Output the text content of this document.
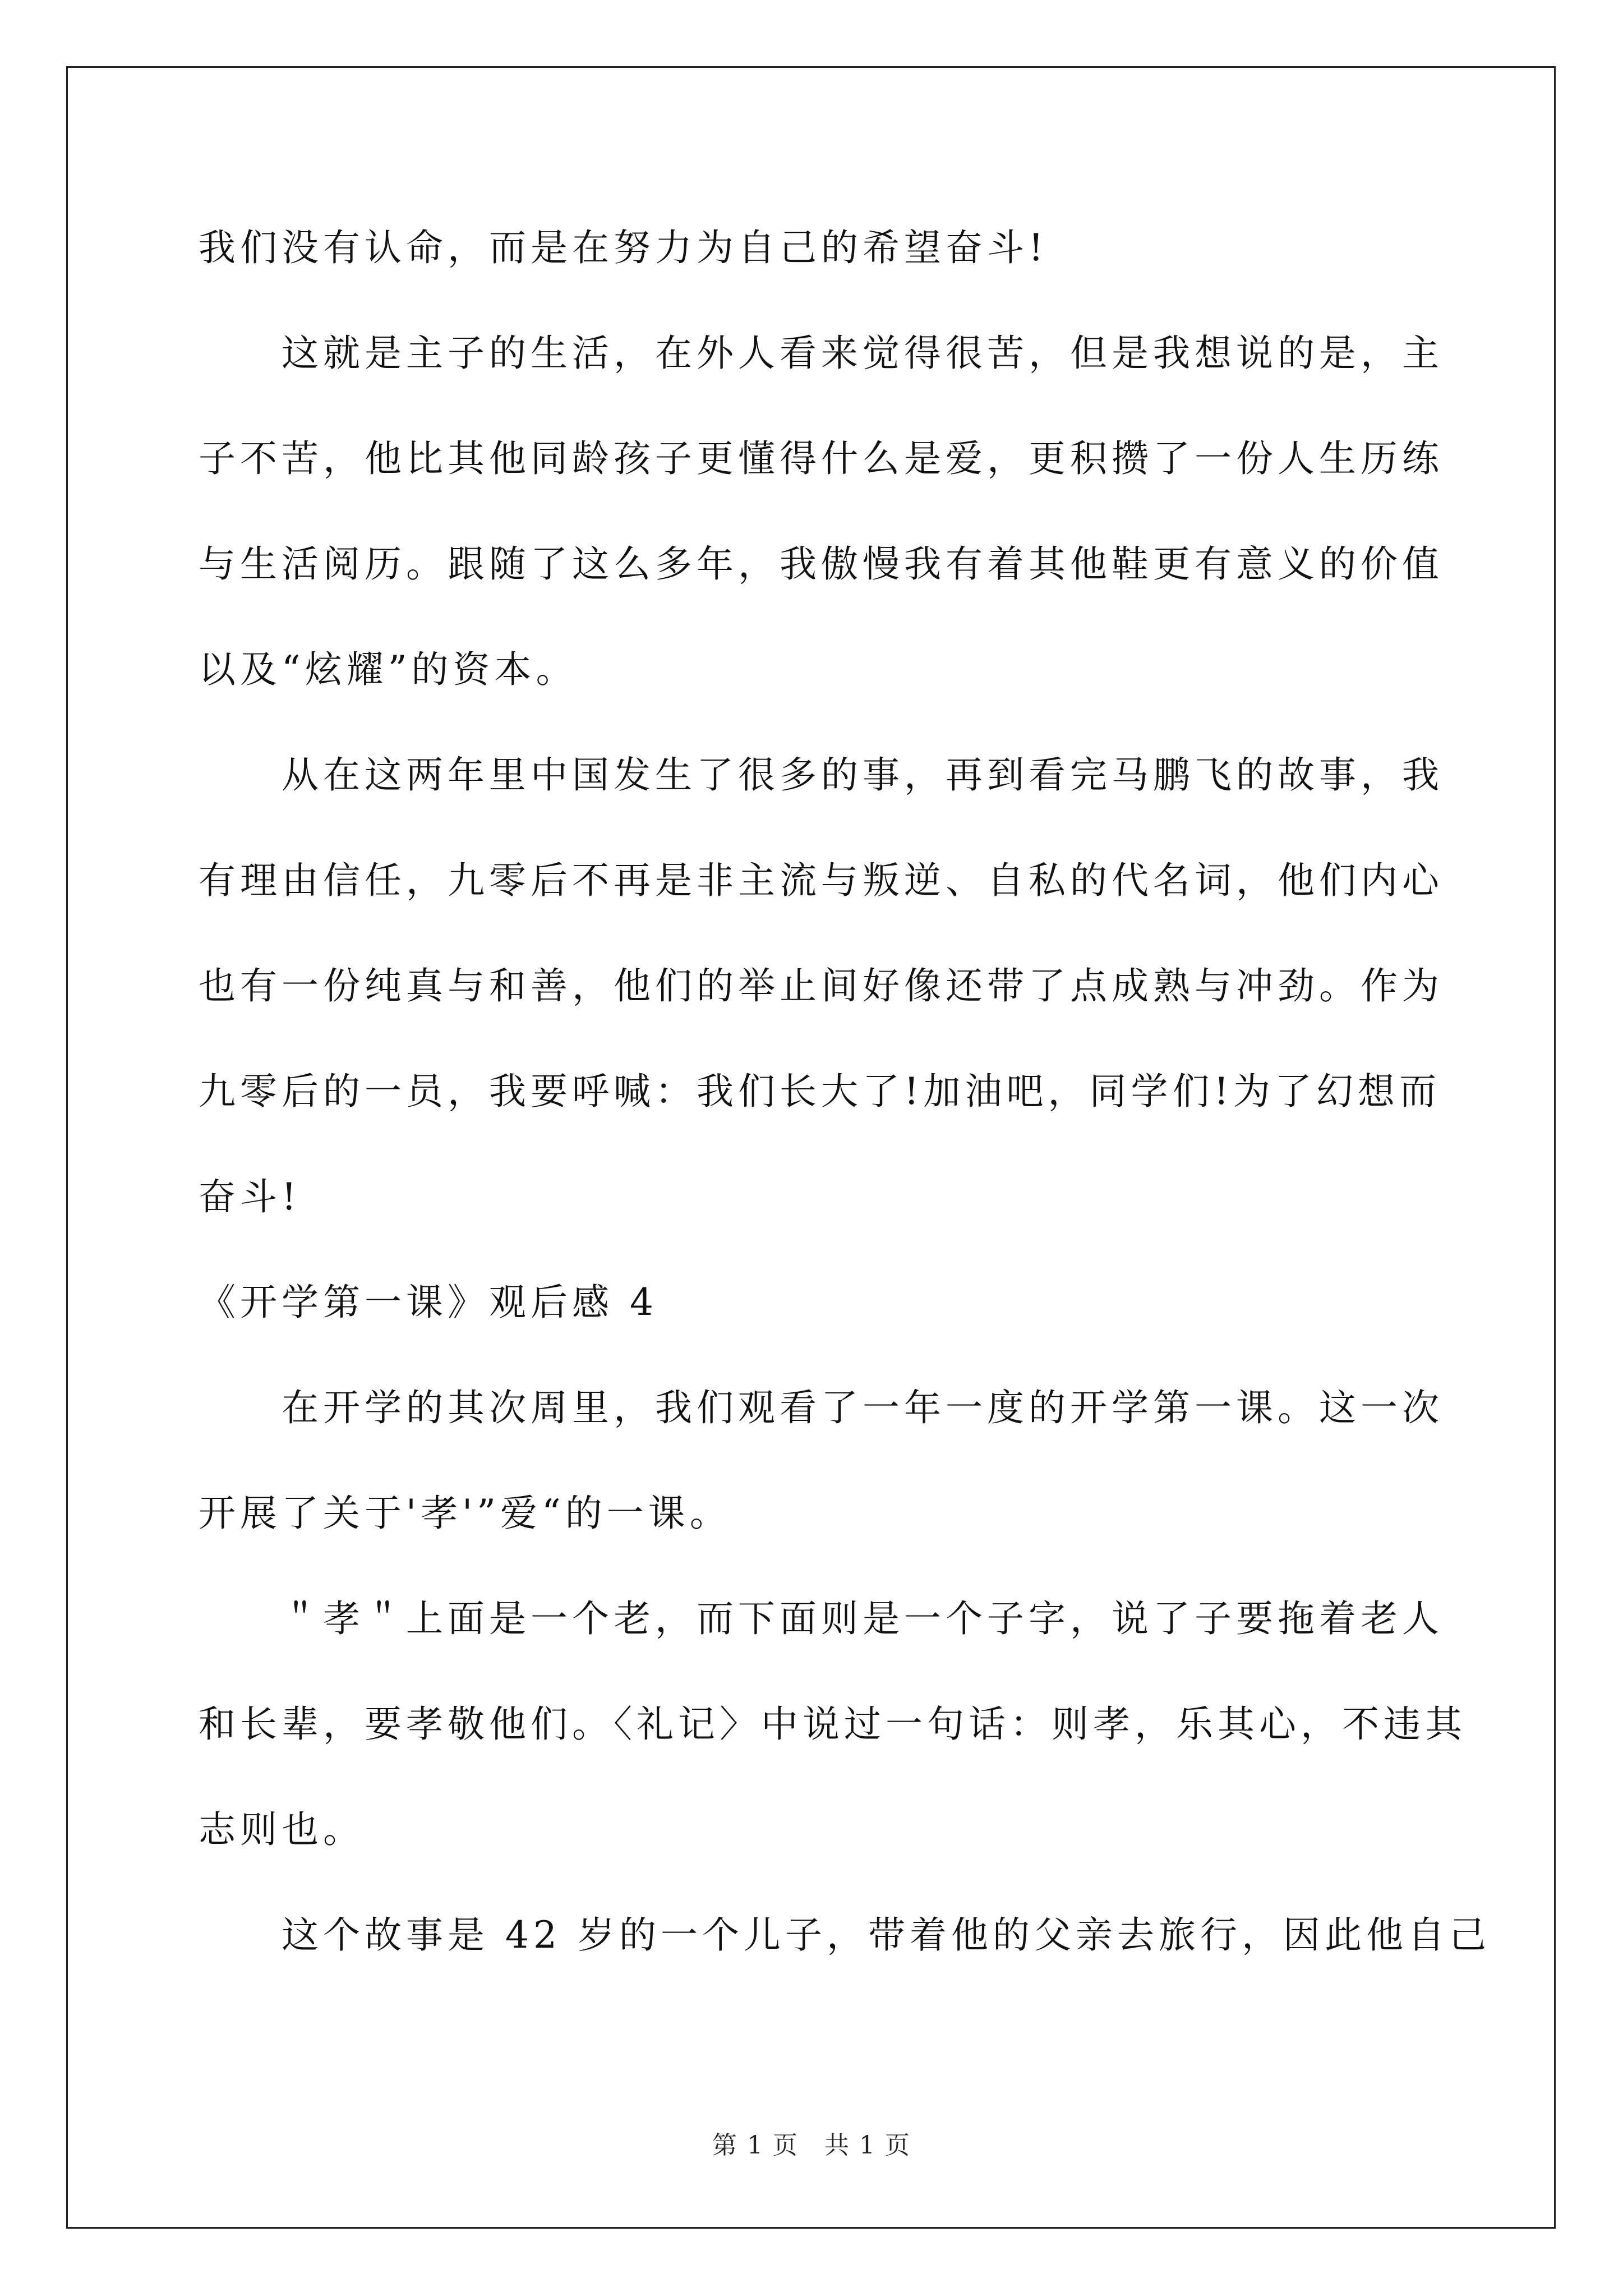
我们没有认命，而是在努力为自己的希望奋斗!
　　这就是主子的生活，在外人看来觉得很苦，但是我想说的是，主
子不苦，他比其他同龄孩子更懂得什么是爱，更积攒了一份人生历练
与生活阅历。跟随了这么多年，我傲慢我有着其他鞋更有意义的价值
以及“炫耀”的资本。
　　从在这两年里中国发生了很多的事，再到看完马鹏飞的故事，我
有理由信任，九零后不再是非主流与叛逆、自私的代名词，他们内心
也有一份纯真与和善，他们的举止间好像还带了点成熟与冲劲。作为
九零后的一员，我要呼喊：我们长大了!加油吧，同学们!为了幻想而
奋斗!
《开学第一课》观后感 4
　　在开学的其次周里，我们观看了一年一度的开学第一课。这一次
开展了关于'孝'”爱“的一课。
　　＂孝＂上面是一个老，而下面则是一个子字，说了子要拖着老人
和长辈，要孝敬他们。〈礼记〉中说过一句话：则孝，乐其心，不违其
志则也。
　　这个故事是 42 岁的一个儿子，带着他的父亲去旅行，因此他自己
第 1 页　共 1 页
